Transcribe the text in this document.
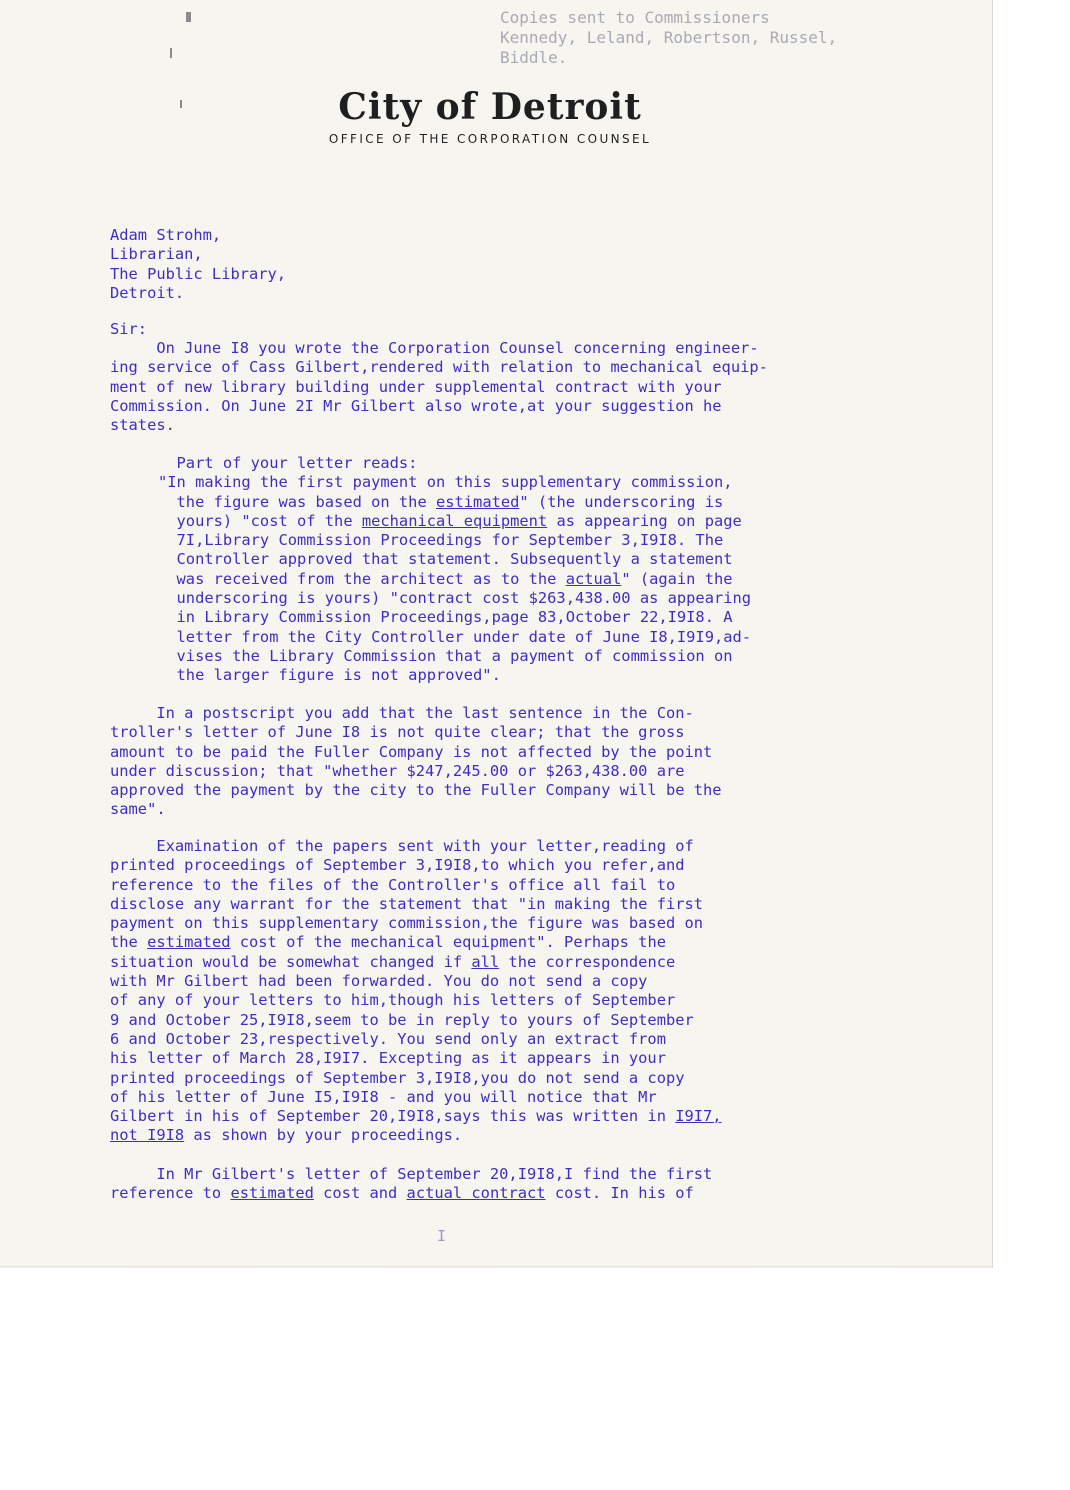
Copies sent to Commissioners
Kennedy, Leland, Robertson, Russel,
Biddle.
City of Detroit
OFFICE OF THE CORPORATION COUNSEL
Adam Strohm,
Librarian,
The Public Library,
Detroit.
Sir:
On June I8 you wrote the Corporation Counsel concerning engineer-
ing service of Cass Gilbert,rendered with relation to mechanical equip-
ment of new library building under supplemental contract with your
Commission. On June 2I Mr Gilbert also wrote,at your suggestion he
states.
Part of your letter reads:
"In making the first payment on this supplementary commission,
the figure was based on the estimated" (the underscoring is
yours) "cost of the mechanical equipment as appearing on page
7I,Library Commission Proceedings for September 3,I9I8. The
Controller approved that statement. Subsequently a statement
was received from the architect as to the actual" (again the
underscoring is yours) "contract cost $263,438.00 as appearing
in Library Commission Proceedings,page 83,October 22,I9I8. A
letter from the City Controller under date of June I8,I9I9,ad-
vises the Library Commission that a payment of commission on
the larger figure is not approved".
In a postscript you add that the last sentence in the Con-
troller's letter of June I8 is not quite clear; that the gross
amount to be paid the Fuller Company is not affected by the point
under discussion; that "whether $247,245.00 or $263,438.00 are
approved the payment by the city to the Fuller Company will be the
same".
Examination of the papers sent with your letter,reading of
printed proceedings of September 3,I9I8,to which you refer,and
reference to the files of the Controller's office all fail to
disclose any warrant for the statement that "in making the first
payment on this supplementary commission,the figure was based on
the estimated cost of the mechanical equipment". Perhaps the
situation would be somewhat changed if all the correspondence
with Mr Gilbert had been forwarded. You do not send a copy
of any of your letters to him,though his letters of September
9 and October 25,I9I8,seem to be in reply to yours of September
6 and October 23,respectively. You send only an extract from
his letter of March 28,I9I7. Excepting as it appears in your
printed proceedings of September 3,I9I8,you do not send a copy
of his letter of June I5,I9I8 - and you will notice that Mr
Gilbert in his of September 20,I9I8,says this was written in I9I7,
not I9I8 as shown by your proceedings.
In Mr Gilbert's letter of September 20,I9I8,I find the first
reference to estimated cost and actual contract cost. In his of
I
